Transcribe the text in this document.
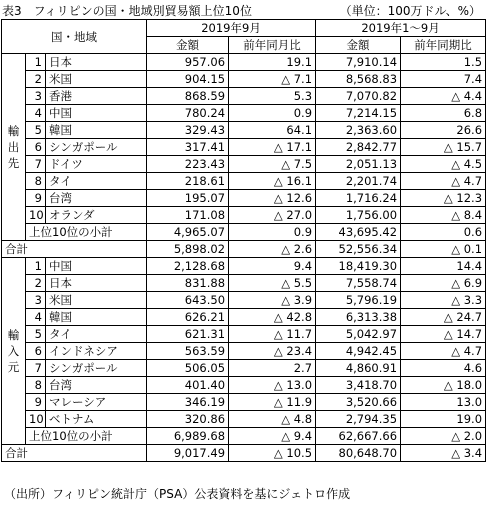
表3　フィリピンの国・地域別貿易額上位10位	（単位：100万ドル、%）
国・地域			2019年9月		2019年1～9月	
			金額	前年同月比	金額	前年同期比
輸
出
先	1	日本	957.06	19.1	7,910.14	1.5
	2	米国	904.15	△ 7.1	8,568.83	7.4
	3	香港	868.59	5.3	7,070.82	△ 4.4
	4	中国	780.24	0.9	7,214.15	6.8
	5	韓国	329.43	64.1	2,363.60	26.6
	6	シンガポール	317.41	△ 17.1	2,842.77	△ 15.7
	7	ドイツ	223.43	△ 7.5	2,051.13	△ 4.5
	8	タイ	218.61	△ 16.1	2,201.74	△ 4.7
	9	台湾	195.07	△ 12.6	1,716.24	△ 12.3
	10	オランダ	171.08	△ 27.0	1,756.00	△ 8.4
	上位10位の小計		4,965.07	0.9	43,695.42	0.6
合計			5,898.02	△ 2.6	52,556.34	△ 0.1
輸
入
元	1	中国	2,128.68	9.4	18,419.30	14.4
	2	日本	831.88	△ 5.5	7,558.74	△ 6.9
	3	米国	643.50	△ 3.9	5,796.19	△ 3.3
	4	韓国	626.21	△ 42.8	6,313.38	△ 24.7
	5	タイ	621.31	△ 11.7	5,042.97	△ 14.7
	6	インドネシア	563.59	△ 23.4	4,942.45	△ 4.7
	7	シンガポール	506.05	2.7	4,860.91	4.6
	8	台湾	401.40	△ 13.0	3,418.70	△ 18.0
	9	マレーシア	346.19	△ 11.9	3,520.66	13.0
	10	ベトナム	320.86	△ 4.8	2,794.35	19.0
	上位10位の小計		6,989.68	△ 9.4	62,667.66	△ 2.0
合計			9,017.49	△ 10.5	80,648.70	△ 3.4
（出所）フィリピン統計庁（PSA）公表資料を基にジェトロ作成
